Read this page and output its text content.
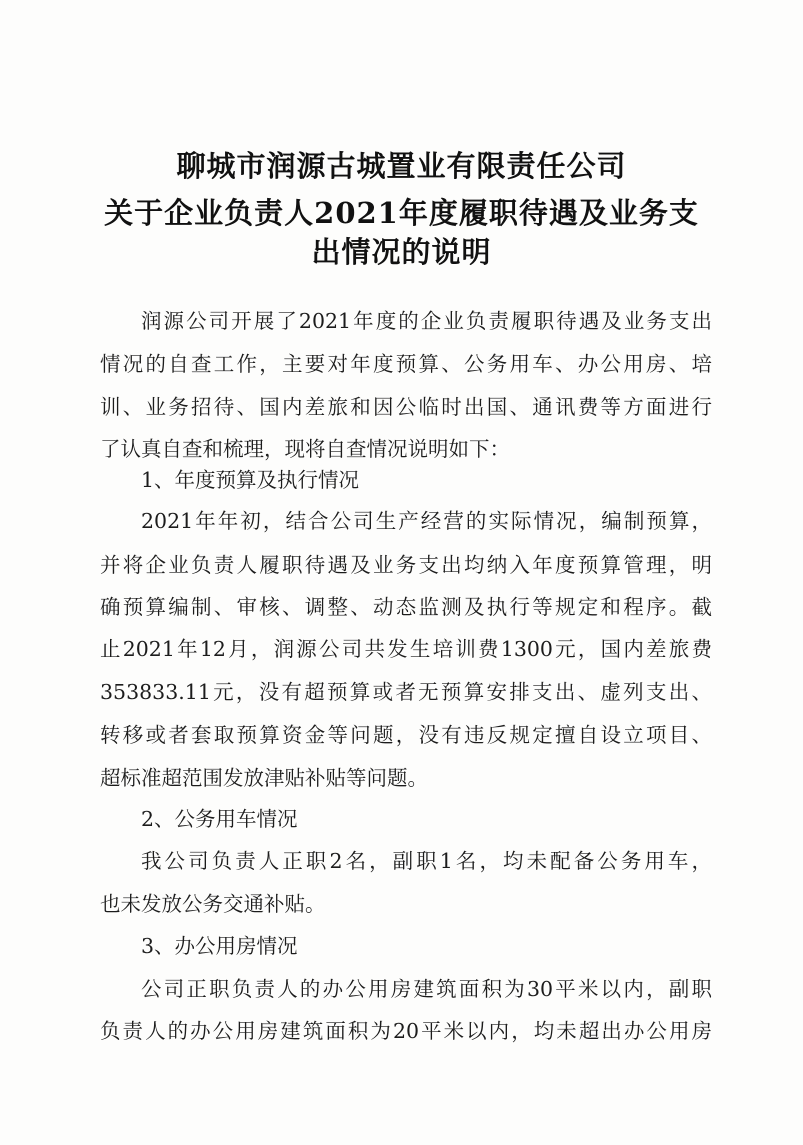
聊城市润源古城置业有限责任公司
关于企业负责人2021年度履职待遇及业务支
出情况的说明
润源公司开展了2021年度的企业负责履职待遇及业务支出
情况的自查工作，主要对年度预算、公务用车、办公用房、培
训、业务招待、国内差旅和因公临时出国、通讯费等方面进行
了认真自查和梳理，现将自查情况说明如下：
1、年度预算及执行情况
2021年年初，结合公司生产经营的实际情况，编制预算，
并将企业负责人履职待遇及业务支出均纳入年度预算管理，明
确预算编制、审核、调整、动态监测及执行等规定和程序。截
止2021年12月，润源公司共发生培训费1300元，国内差旅费
353833.11元，没有超预算或者无预算安排支出、虚列支出、
转移或者套取预算资金等问题，没有违反规定擅自设立项目、
超标准超范围发放津贴补贴等问题。
2、公务用车情况
我公司负责人正职2名，副职1名，均未配备公务用车，
也未发放公务交通补贴。
3、办公用房情况
公司正职负责人的办公用房建筑面积为30平米以内，副职
负责人的办公用房建筑面积为20平米以内，均未超出办公用房
